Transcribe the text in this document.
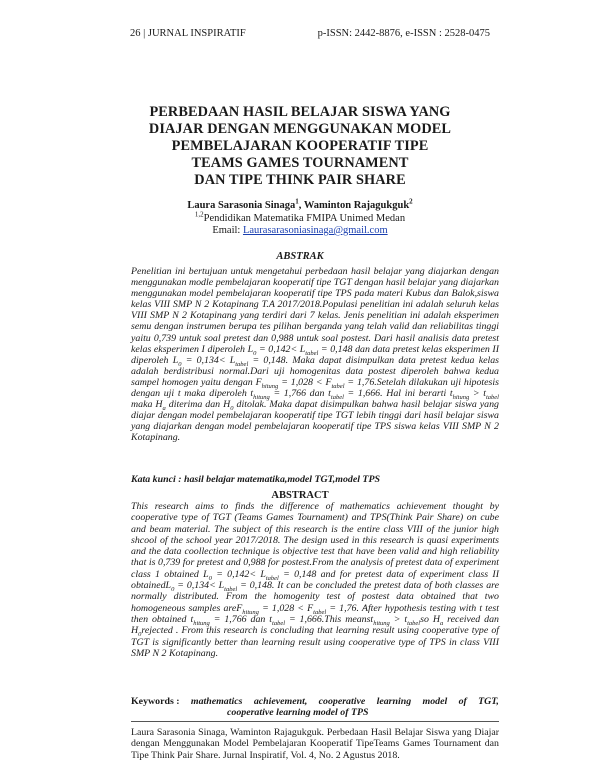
26 | JURNAL INSPIRATIF	p-ISSN: 2442-8876, e-ISSN : 2528-0475
PERBEDAAN HASIL BELAJAR SISWA YANG
DIAJAR DENGAN MENGGUNAKAN MODEL
PEMBELAJARAN KOOPERATIF TIPE
TEAMS GAMES TOURNAMENT
DAN TIPE THINK PAIR SHARE
Laura Sarasonia Sinaga$^1$, Waminton Rajagukguk$^2$
$^{1,2}$Pendidikan Matematika FMIPA Unimed Medan
Email: Laurasarasoniasinaga@gmail.com
ABSTRAK

Penelitian ini bertujuan untuk mengetahui perbedaan hasil belajar yang diajarkan dengan menggunakan modle pembelajaran kooperatif tipe TGT dengan hasil belajar yang diajarkan menggunakan model pembelajaran kooperatif tipe TPS pada materi Kubus dan Balok,siswa kelas VIII SMP N 2 Kotapinang T.A 2017/2018.Populasi penelitian ini adalah seluruh kelas VIII SMP N 2 Kotapinang yang terdiri dari 7 kelas. Jenis penelitian ini adalah eksperimen semu dengan instrumen berupa tes pilihan berganda yang telah valid dan reliabilitas tinggi yaitu 0,739 untuk soal pretest dan 0,988 untuk soal postest. Dari hasil analisis data pretest kelas eksperimen I diperoleh $L_0 = 0,142< L_{tabel} = 0,148$ dan data pretest kelas eksperimen II diperoleh $L_0 = 0,134< L_{tabel} = 0,148$. Maka dapat disimpulkan data pretest kedua kelas adalah berdistribusi normal.Dari uji homogenitas data postest diperoleh bahwa kedua sampel homogen yaitu dengan $F_{hitung} = 1,028 < F_{tabel}$ = 1,76.Setelah dilakukan uji hipotesis dengan uji t maka diperoleh $t_{hitung} = 1,766$ dan $t_{tabel} = 1,666$. Hal ini berarti $t_{hitung} > t_{tabel}$ maka $H_a$ diterima dan $H_0$ ditolak. Maka dapat disimpulkan bahwa hasil belajar siswa yang diajar dengan model pembelajaran kooperatif tipe TGT lebih tinggi dari hasil belajar siswa yang diajarkan dengan model pembelajaran kooperatif tipe TPS siswa kelas VIII SMP N 2 Kotapinang.

Kata kunci : hasil belajar matematika,model TGT,model TPS
ABSTRACT

This research aims to finds the difference of mathematics achievement thought by cooperative type of TGT (Teams Games Tournament) and TPS(Think Pair Share) on cube and beam material. The subject of this research is the entire class VIII of the junior high shcool of the school year 2017/2018. The design used in this research is quasi experiments and the data coollection technique is objective test that have been valid and high reliability that is 0,739 for pretest and 0,988 for postest.From the analysis of pretest data of experiment class 1 obtained $L_0 = 0,142< L_{tabel} = 0,148$ and for pretest data of experiment class II obtainedL$_0$ = $0,134< L_{tabel} = 0,148$. It can be concluded the pretest data of both classes are normally distributed. From the homogenity test of postest data obtained that two homogeneous samples areF$_{hitung}$ = $1,028 < F_{tabel} = 1,76$. After hypothesis testing with t test then obtained $t_{hitung} = 1,766$ dan $t_{tabel}$ = 1,666.This meanst$_{hitung}$ > $t_{tabel}so$ $H_a$ received dan $H_0rejected$ . From this research is concluding that learning result using cooperative type of TGT is significantly better than learning result using cooperative type of TPS in class VIII SMP N 2 Kotapinang.

Keywords : mathematics achievement, cooperative learning model of TGT,
cooperative learning model of TPS

Laura Sarasonia Sinaga, Waminton Rajagukguk. Perbedaan Hasil Belajar Siswa yang Diajar dengan Menggunakan Model Pembelajaran Kooperatif TipeTeams Games Tournament dan Tipe Think Pair Share. Jurnal Inspiratif, Vol. 4, No. 2 Agustus 2018.
